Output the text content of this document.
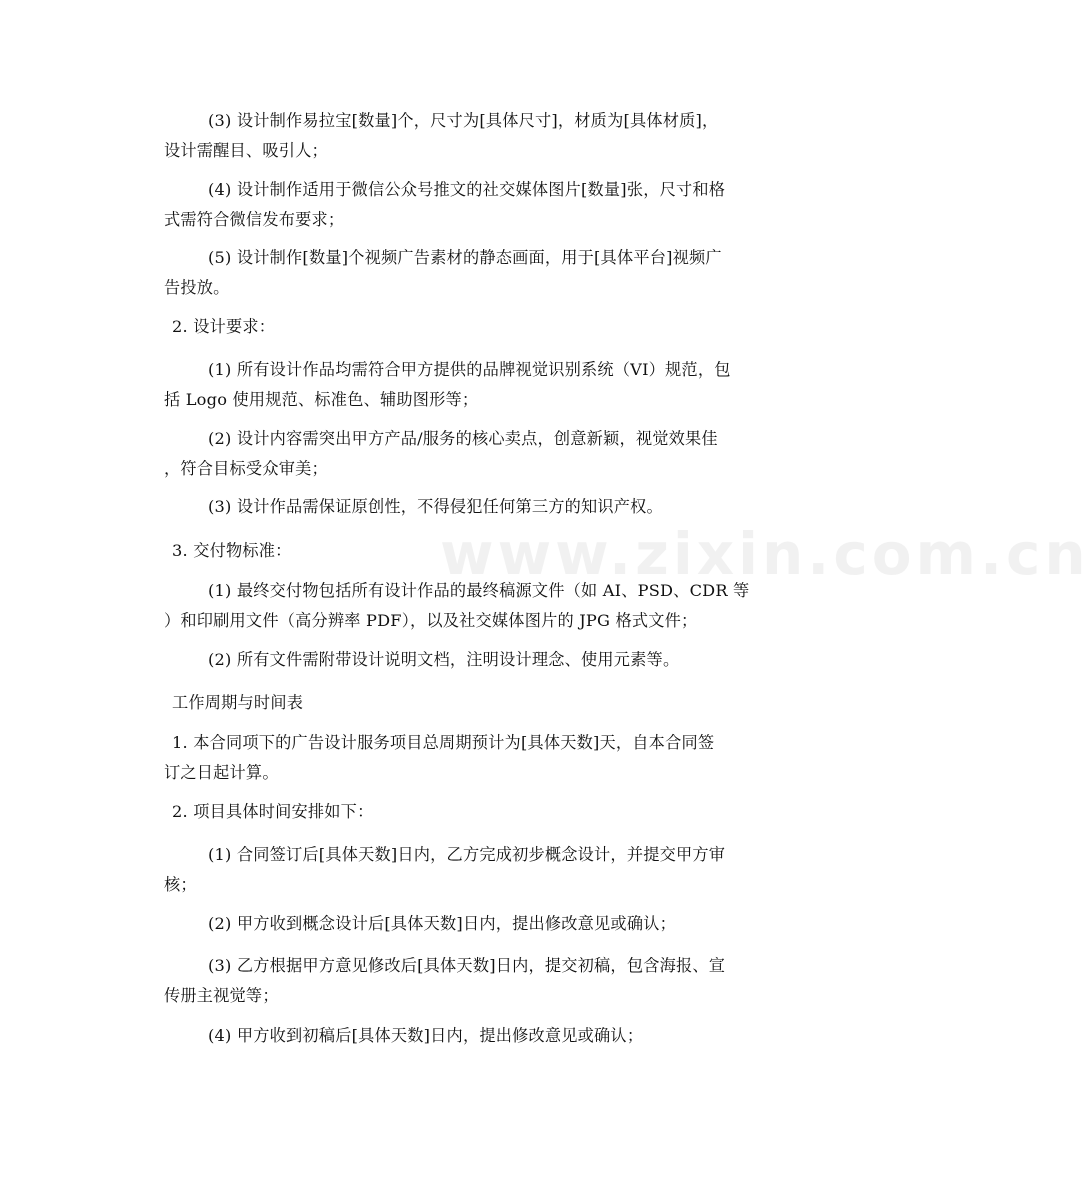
www.zixin.com.cn
(3) 设计制作易拉宝[数量]个，尺寸为[具体尺寸]，材质为[具体材质]，
设计需醒目、吸引人；
(4) 设计制作适用于微信公众号推文的社交媒体图片[数量]张，尺寸和格
式需符合微信发布要求；
(5) 设计制作[数量]个视频广告素材的静态画面，用于[具体平台]视频广
告投放。
2. 设计要求：
(1) 所有设计作品均需符合甲方提供的品牌视觉识别系统（VI）规范，包
括 Logo 使用规范、标准色、辅助图形等；
(2) 设计内容需突出甲方产品/服务的核心卖点，创意新颖，视觉效果佳
，符合目标受众审美；
(3) 设计作品需保证原创性，不得侵犯任何第三方的知识产权。
3. 交付物标准：
(1) 最终交付物包括所有设计作品的最终稿源文件（如 AI、PSD、CDR 等
）和印刷用文件（高分辨率 PDF），以及社交媒体图片的 JPG 格式文件；
(2) 所有文件需附带设计说明文档，注明设计理念、使用元素等。
工作周期与时间表
1. 本合同项下的广告设计服务项目总周期预计为[具体天数]天，自本合同签
订之日起计算。
2. 项目具体时间安排如下：
(1) 合同签订后[具体天数]日内，乙方完成初步概念设计，并提交甲方审
核；
(2) 甲方收到概念设计后[具体天数]日内，提出修改意见或确认；
(3) 乙方根据甲方意见修改后[具体天数]日内，提交初稿，包含海报、宣
传册主视觉等；
(4) 甲方收到初稿后[具体天数]日内，提出修改意见或确认；
